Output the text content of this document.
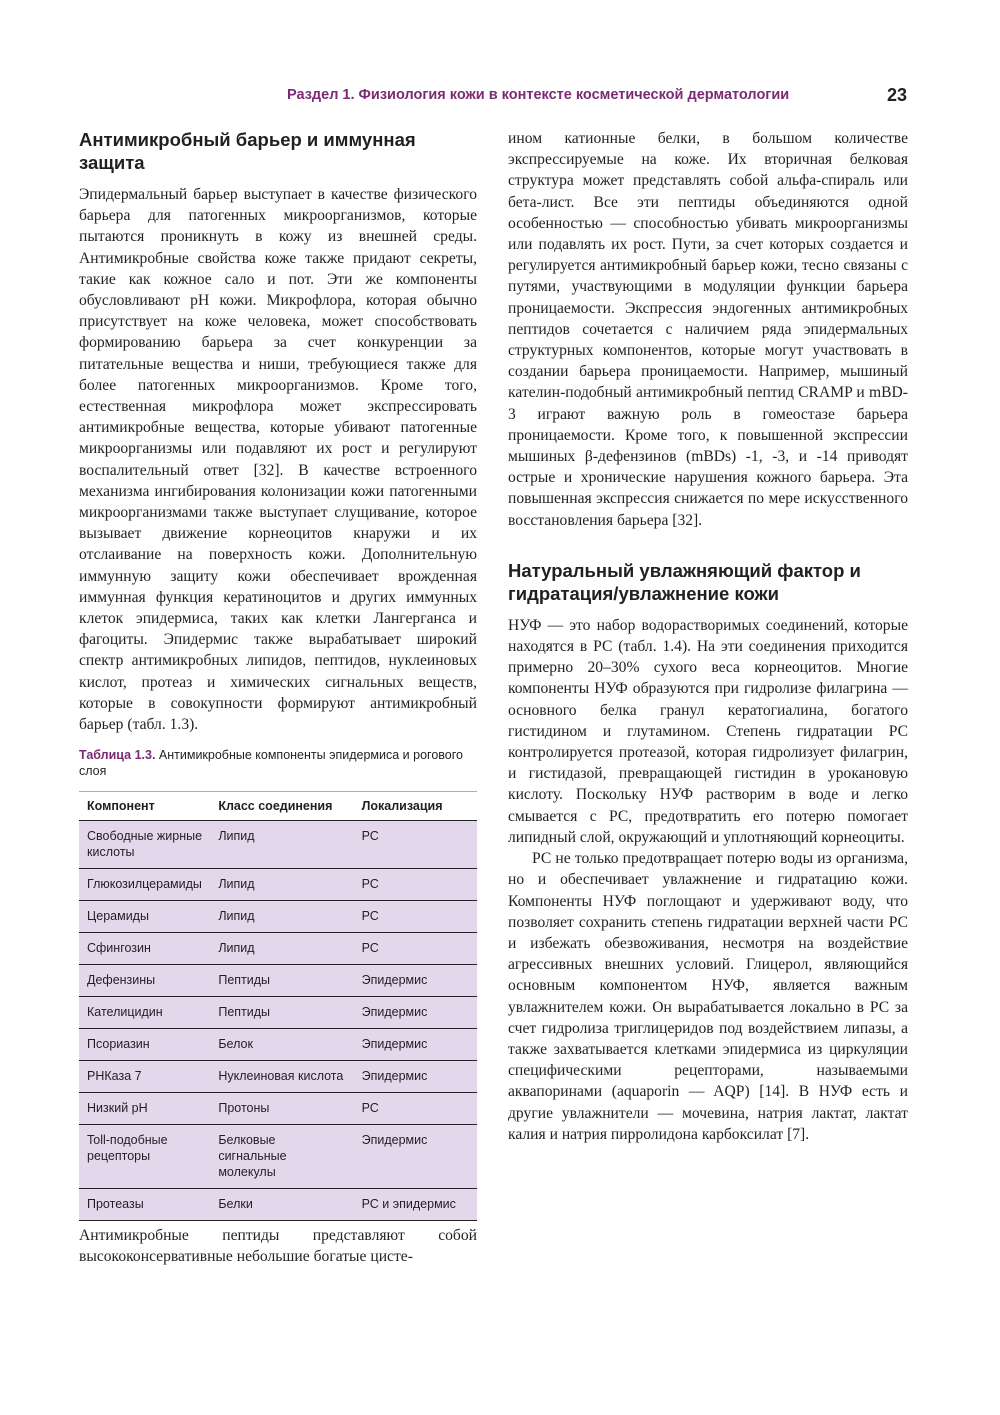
Раздел 1. Физиология кожи в контексте косметической дерматологии	23
Антимикробный барьер и иммунная защита

Эпидермальный барьер выступает в качестве физического барьера для патогенных микроорганизмов, которые пытаются проникнуть в кожу из внешней среды. Антимикробные свойства коже также придают секреты, такие как кожное сало и пот. Эти же компоненты обусловливают pH кожи. Микрофлора, которая обычно присутствует на коже человека, может способствовать формированию барьера за счет конкуренции за питательные вещества и ниши, требующиеся также для более патогенных микроорганизмов. Кроме того, естественная микрофлора может экспрессировать антимикробные вещества, которые убивают патогенные микроорганизмы или подавляют их рост и регулируют воспалительный ответ [32]. В качестве встроенного механизма ингибирования колонизации кожи патогенными микроорганизмами также выступает слущивание, которое вызывает движение корнеоцитов кнаружи и их отслаивание на поверхность кожи. Дополнительную иммунную защиту кожи обеспечивает врожденная иммунная функция кератиноцитов и других иммунных клеток эпидермиса, таких как клетки Лангерганса и фагоциты. Эпидермис также вырабатывает широкий спектр антимикробных липидов, пептидов, нуклеиновых кислот, протеаз и химических сигнальных веществ, которые в совокупности формируют антимикробный барьер (табл. 1.3).

Таблица 1.3. Антимикробные компоненты эпидермиса и рогового слоя
Компонент	Класс соединения	Локализация
Свободные жирные кислоты	Липид	РС
Глюкозилцерамиды	Липид	РС
Церамиды	Липид	РС
Сфингозин	Липид	РС
Дефензины	Пептиды	Эпидермис
Кателицидин	Пептиды	Эпидермис
Псориазин	Белок	Эпидермис
РНКаза 7	Нуклеиновая кислота	Эпидермис
Низкий pH	Протоны	РС
Toll-подобные рецепторы	Белковые сигнальные молекулы	Эпидермис
Протеазы	Белки	РС и эпидермис

Антимикробные пептиды представляют собой высококонсервативные небольшие богатые цисте-

ином катионные белки, в большом количестве экспрессируемые на коже. Их вторичная белковая структура может представлять собой альфа-спираль или бета-лист. Все эти пептиды объединяются одной особенностью — способностью убивать микроорганизмы или подавлять их рост. Пути, за счет которых создается и регулируется антимикробный барьер кожи, тесно связаны с путями, участвующими в модуляции функции барьера проницаемости. Экспрессия эндогенных антимикробных пептидов сочетается с наличием ряда эпидермальных структурных компонентов, которые могут участвовать в создании барьера проницаемости. Например, мышиный кателин-подобный антимикробный пептид CRAMP и mBD-3 играют важную роль в гомеостазе барьера проницаемости. Кроме того, к повышенной экспрессии мышиных β-дефензинов (mBDs) -1, -3, и -14 приводят острые и хронические нарушения кожного барьера. Эта повышенная экспрессия снижается по мере искусственного восстановления барьера [32].

Натуральный увлажняющий фактор и гидратация/увлажнение кожи

НУФ — это набор водорастворимых соединений, которые находятся в РС (табл. 1.4). На эти соединения приходится примерно 20–30% сухого веса корнеоцитов. Многие компоненты НУФ образуются при гидролизе филагрина — основного белка гранул кератогиалина, богатого гистидином и глутамином. Степень гидратации РС контролируется протеазой, которая гидролизует филагрин, и гистидазой, превращающей гистидин в урокановую кислоту. Поскольку НУФ растворим в воде и легко смывается с РС, предотвратить его потерю помогает липидный слой, окружающий и уплотняющий корнеоциты.

РС не только предотвращает потерю воды из организма, но и обеспечивает увлажнение и гидратацию кожи. Компоненты НУФ поглощают и удерживают воду, что позволяет сохранить степень гидратации верхней части РС и избежать обезвоживания, несмотря на воздействие агрессивных внешних условий. Глицерол, являющийся основным компонентом НУФ, является важным увлажнителем кожи. Он вырабатывается локально в РС за счет гидролиза триглицеридов под воздействием липазы, а также захватывается клетками эпидермиса из циркуляции специфическими рецепторами, называемыми аквапоринами (aquaporin — AQP) [14]. В НУФ есть и другие увлажнители — мочевина, натрия лактат, лактат калия и натрия пирролидона карбоксилат [7].
